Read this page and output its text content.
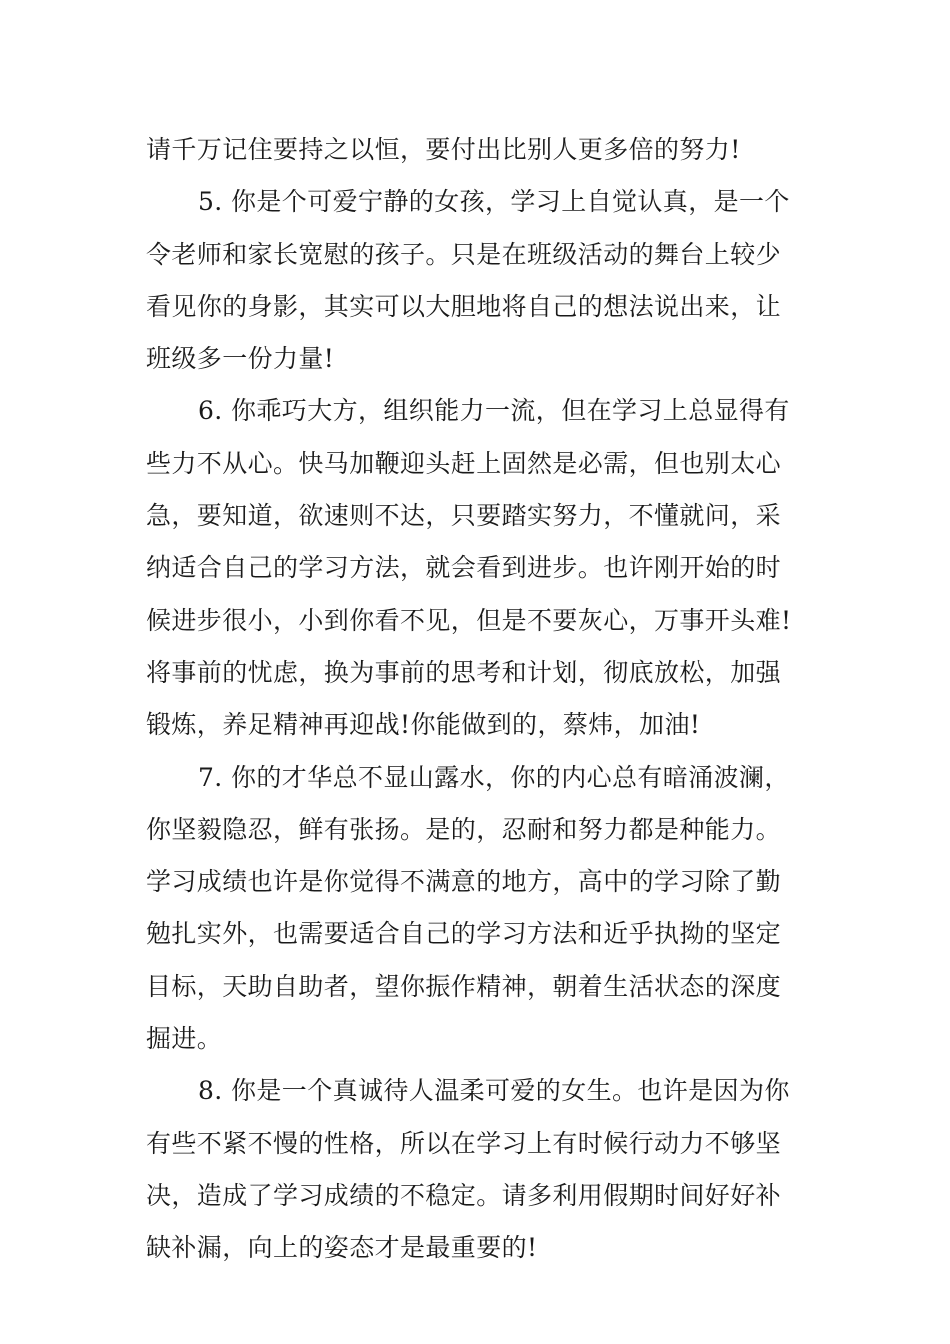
请千万记住要持之以恒，要付出比别人更多倍的努力!
5. 你是个可爱宁静的女孩，学习上自觉认真，是一个
令老师和家长宽慰的孩子。只是在班级活动的舞台上较少
看见你的身影，其实可以大胆地将自己的想法说出来，让
班级多一份力量!
6. 你乖巧大方，组织能力一流，但在学习上总显得有
些力不从心。快马加鞭迎头赶上固然是必需，但也别太心
急，要知道，欲速则不达，只要踏实努力，不懂就问，采
纳适合自己的学习方法，就会看到进步。也许刚开始的时
候进步很小，小到你看不见，但是不要灰心，万事开头难!
将事前的忧虑，换为事前的思考和计划，彻底放松，加强
锻炼，养足精神再迎战!你能做到的，蔡炜，加油!
7. 你的才华总不显山露水，你的内心总有暗涌波澜，
你坚毅隐忍，鲜有张扬。是的，忍耐和努力都是种能力。
学习成绩也许是你觉得不满意的地方，高中的学习除了勤
勉扎实外，也需要适合自己的学习方法和近乎执拗的坚定
目标，天助自助者，望你振作精神，朝着生活状态的深度
掘进。
8. 你是一个真诚待人温柔可爱的女生。也许是因为你
有些不紧不慢的性格，所以在学习上有时候行动力不够坚
决，造成了学习成绩的不稳定。请多利用假期时间好好补
缺补漏，向上的姿态才是最重要的!
